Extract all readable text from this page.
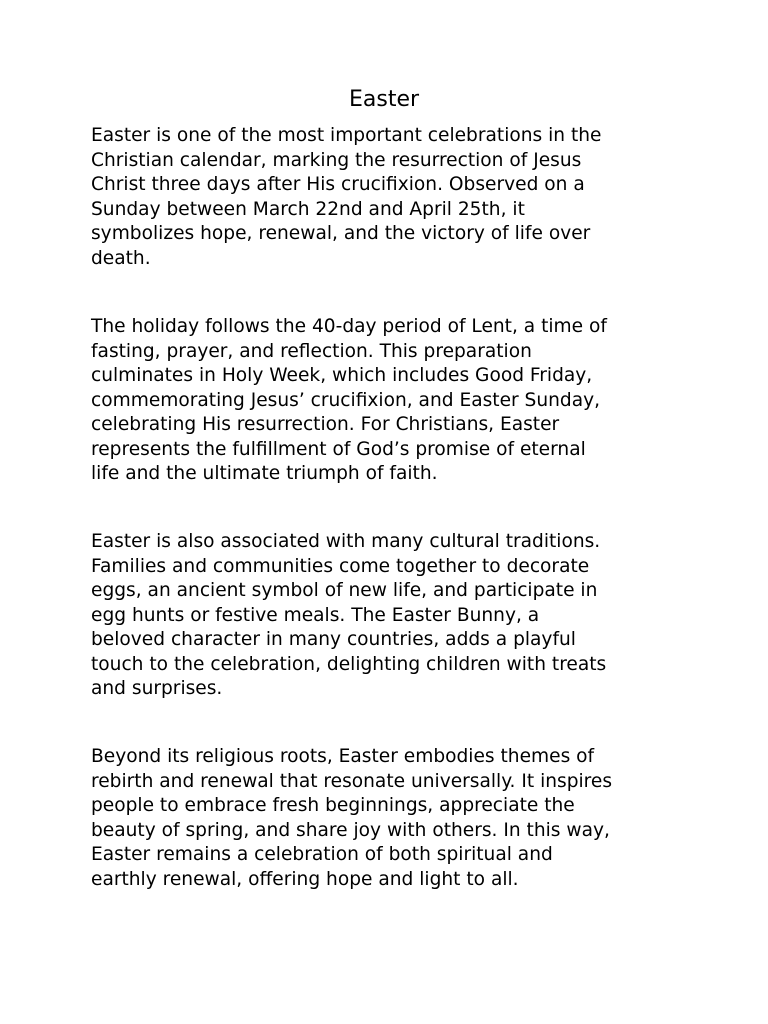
Easter

Easter is one of the most important celebrations in the
Christian calendar, marking the resurrection of Jesus
Christ three days after His crucifixion. Observed on a
Sunday between March 22nd and April 25th, it
symbolizes hope, renewal, and the victory of life over
death.

The holiday follows the 40-day period of Lent, a time of
fasting, prayer, and reflection. This preparation
culminates in Holy Week, which includes Good Friday,
commemorating Jesus’ crucifixion, and Easter Sunday,
celebrating His resurrection. For Christians, Easter
represents the fulfillment of God’s promise of eternal
life and the ultimate triumph of faith.

Easter is also associated with many cultural traditions.
Families and communities come together to decorate
eggs, an ancient symbol of new life, and participate in
egg hunts or festive meals. The Easter Bunny, a
beloved character in many countries, adds a playful
touch to the celebration, delighting children with treats
and surprises.

Beyond its religious roots, Easter embodies themes of
rebirth and renewal that resonate universally. It inspires
people to embrace fresh beginnings, appreciate the
beauty of spring, and share joy with others. In this way,
Easter remains a celebration of both spiritual and
earthly renewal, offering hope and light to all.
